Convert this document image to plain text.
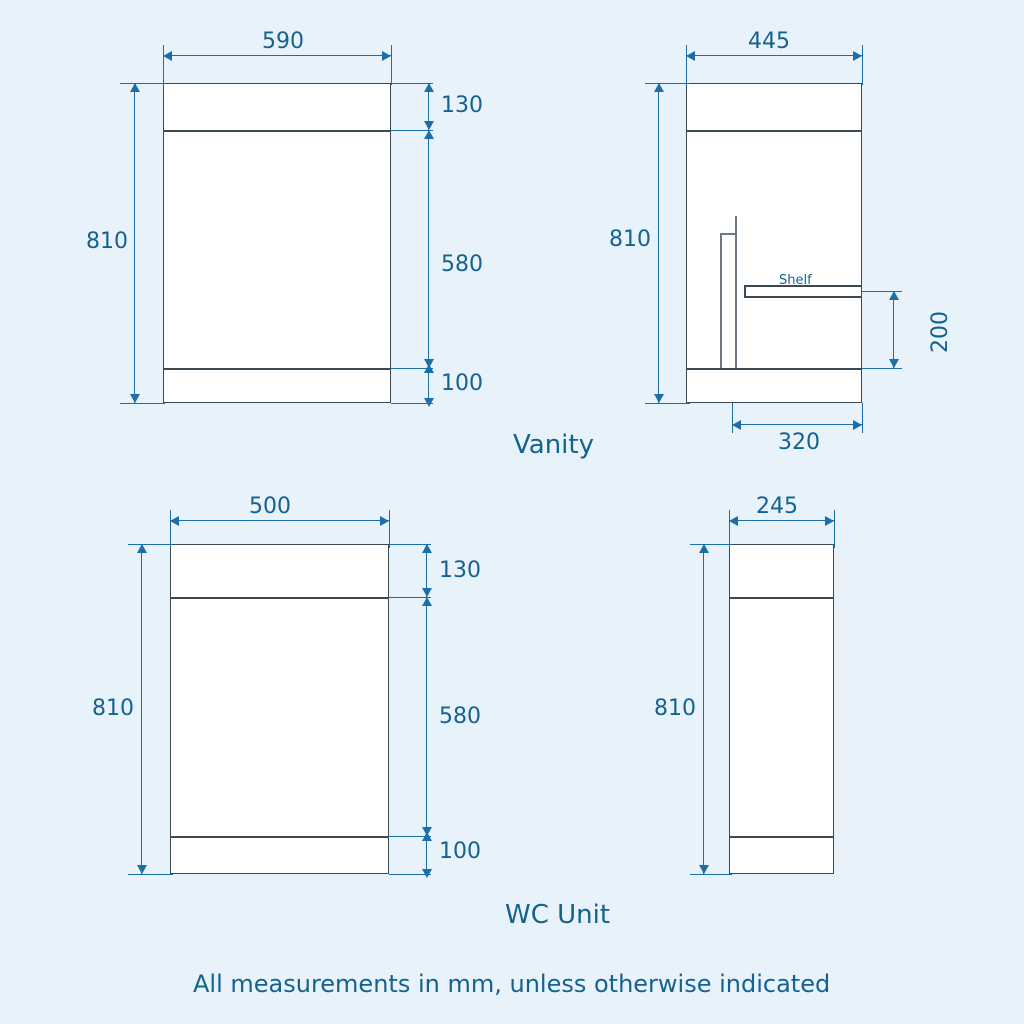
590
810
130
580
100
Shelf
445
810
200
320
Vanity
500
810
130
580
100
245
810
WC Unit
All measurements in mm, unless otherwise indicated
